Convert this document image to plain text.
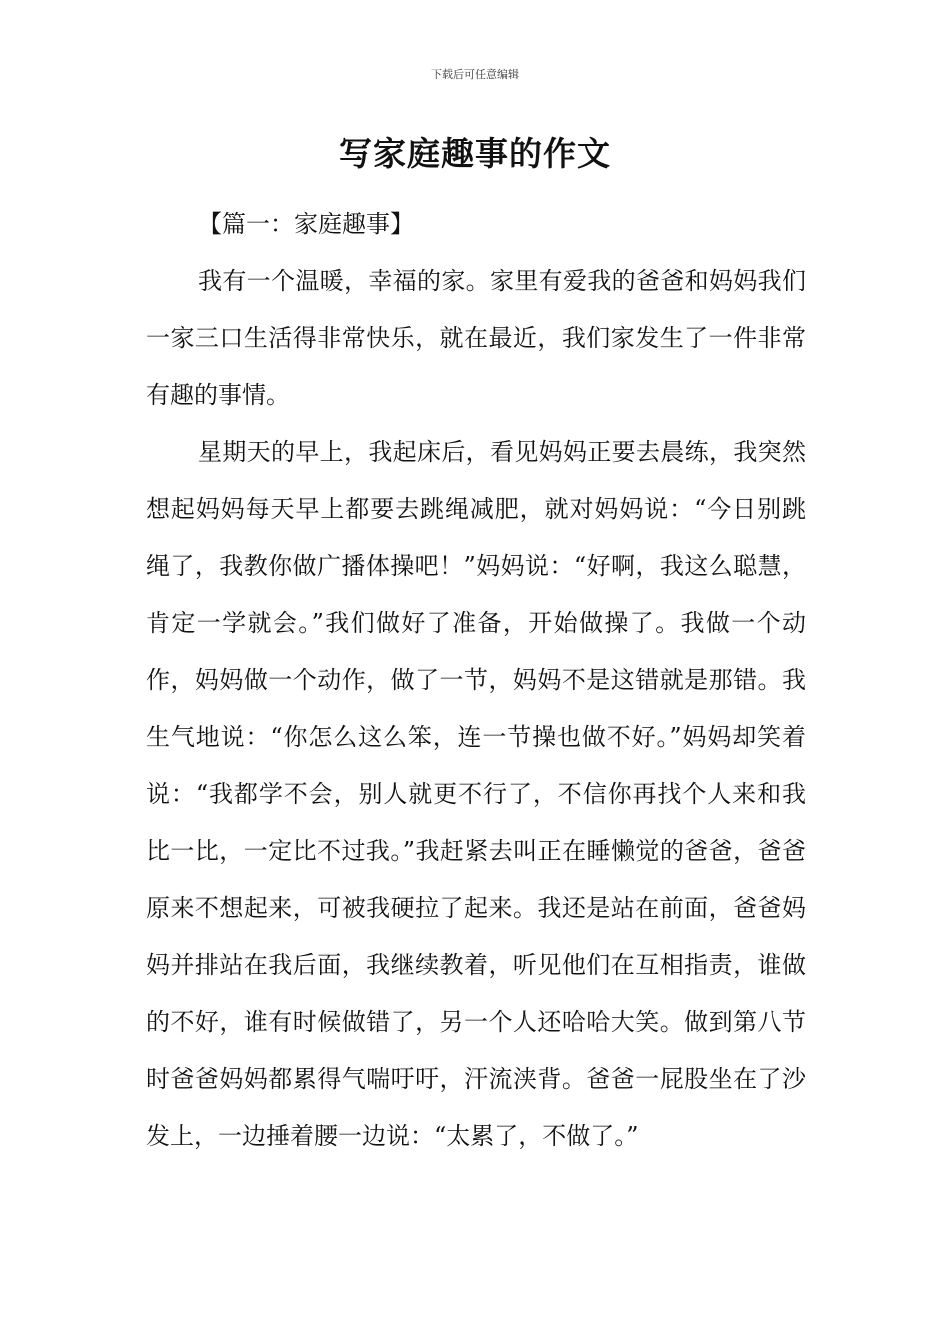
下载后可任意编辑
写家庭趣事的作文

【篇一：家庭趣事】

我有一个温暖，幸福的家。家里有爱我的爸爸和妈妈我们一家三口生活得非常快乐，就在最近，我们家发生了一件非常有趣的事情。

星期天的早上，我起床后，看见妈妈正要去晨练，我突然想起妈妈每天早上都要去跳绳减肥，就对妈妈说：“今日别跳绳了，我教你做广播体操吧！”妈妈说：“好啊，我这么聪慧，肯定一学就会。”我们做好了准备，开始做操了。我做一个动作，妈妈做一个动作，做了一节，妈妈不是这错就是那错。我生气地说：“你怎么这么笨，连一节操也做不好。”妈妈却笑着说：“我都学不会，别人就更不行了，不信你再找个人来和我比一比，一定比不过我。”我赶紧去叫正在睡懒觉的爸爸，爸爸原来不想起来，可被我硬拉了起来。我还是站在前面，爸爸妈妈并排站在我后面，我继续教着，听见他们在互相指责，谁做的不好，谁有时候做错了，另一个人还哈哈大笑。做到第八节时爸爸妈妈都累得气喘吁吁，汗流浃背。爸爸一屁股坐在了沙发上，一边捶着腰一边说：“太累了，不做了。”
